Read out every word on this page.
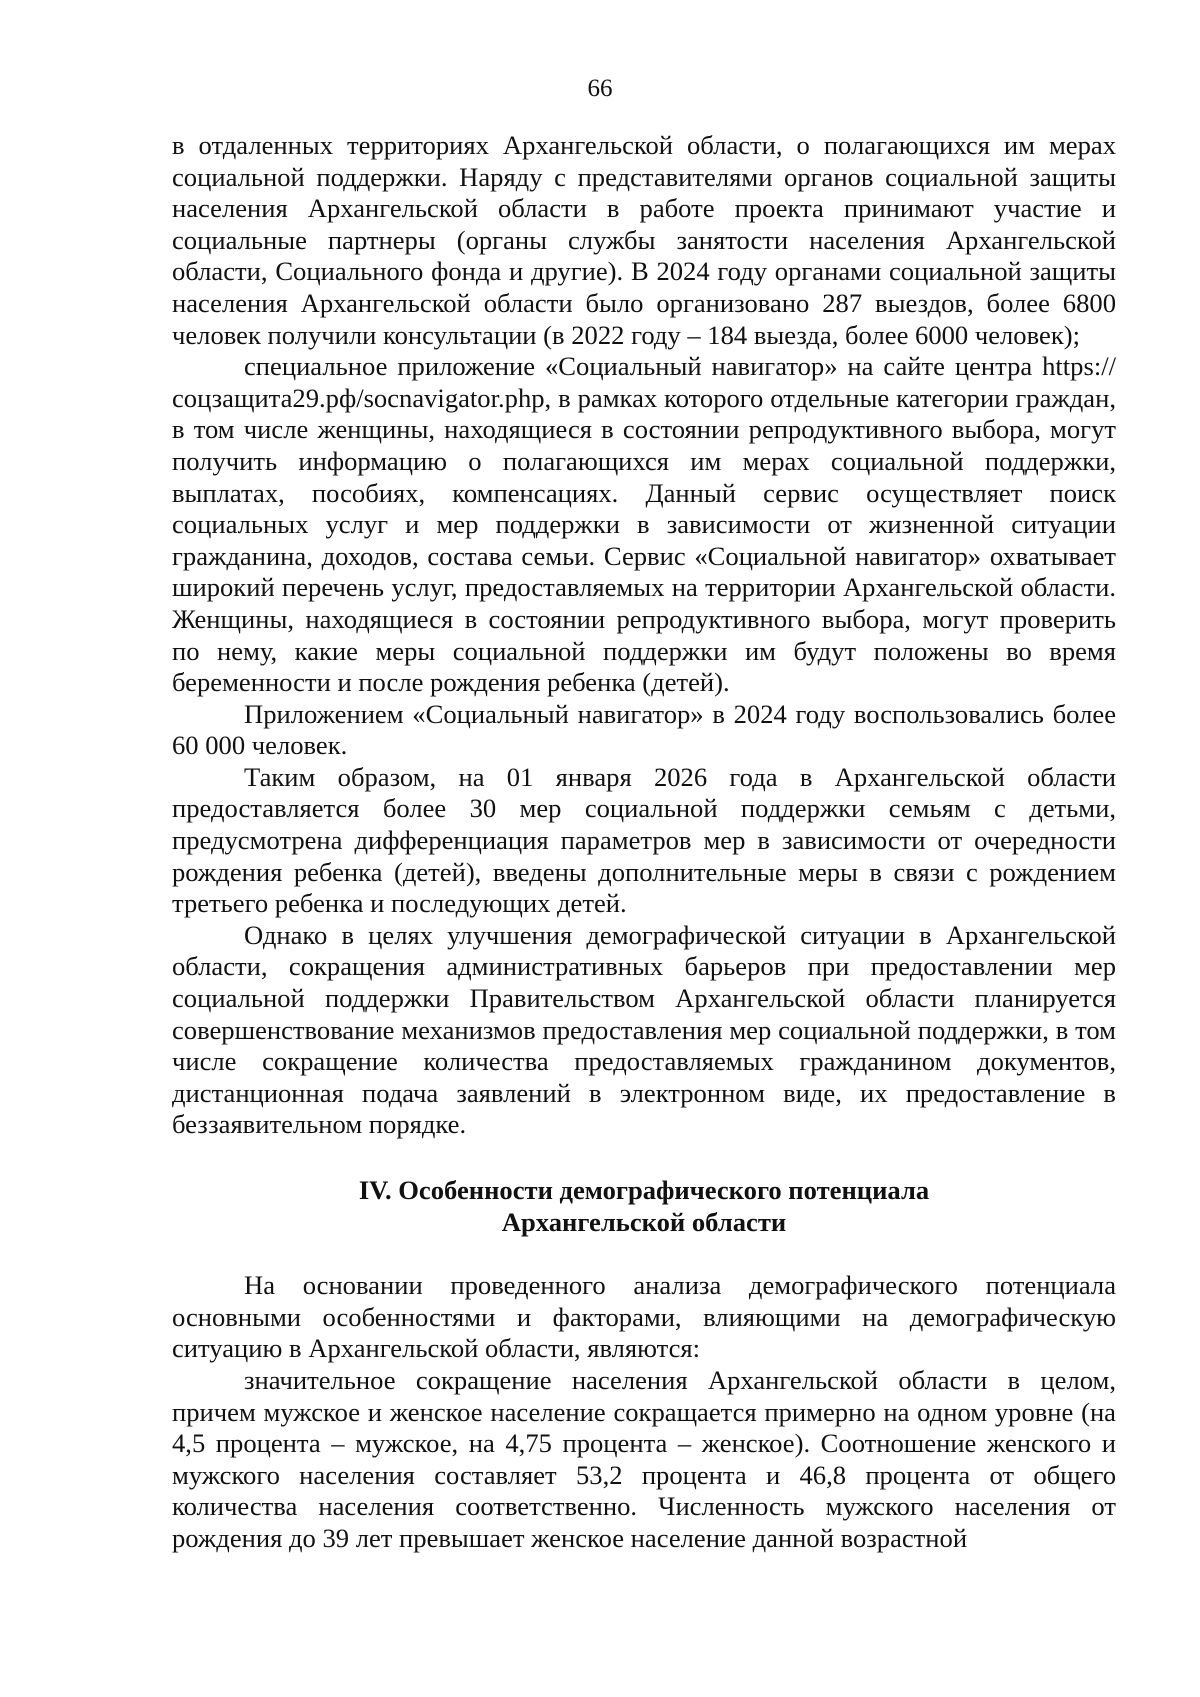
66

в отдаленных территориях Архангельской области, о полагающихся им мерах социальной поддержки. Наряду с представителями органов социальной защиты населения Архангельской области в работе проекта принимают участие и социальные партнеры (органы службы занятости населения Архангельской области, Социального фонда и другие). В 2024 году органами социальной защиты населения Архангельской области было организовано 287 выездов, более 6800 человек получили консультации (в 2022 году – 184 выезда, более 6000 человек);

специальное приложение «Социальный навигатор» на сайте центра https://соцзащита29.рф/socnavigator.php, в рамках которого отдельные категории граждан, в том числе женщины, находящиеся в состоянии репродуктивного выбора, могут получить информацию о полагающихся им мерах социальной поддержки, выплатах, пособиях, компенсациях. Данный сервис осуществляет поиск социальных услуг и мер поддержки в зависимости от жизненной ситуации гражданина, доходов, состава семьи. Сервис «Социальной навигатор» охватывает широкий перечень услуг, предоставляемых на территории Архангельской области. Женщины, находящиеся в состоянии репродуктивного выбора, могут проверить по нему, какие меры социальной поддержки им будут положены во время беременности и после рождения ребенка (детей).

Приложением «Социальный навигатор» в 2024 году воспользовались более 60 000 человек.

Таким образом, на 01 января 2026 года в Архангельской области предоставляется более 30 мер социальной поддержки семьям с детьми, предусмотрена дифференциация параметров мер в зависимости от очередности рождения ребенка (детей), введены дополнительные меры в связи с рождением третьего ребенка и последующих детей.

Однако в целях улучшения демографической ситуации в Архангельской области, сокращения административных барьеров при предоставлении мер социальной поддержки Правительством Архангельской области планируется совершенствование механизмов предоставления мер социальной поддержки, в том числе сокращение количества предоставляемых гражданином документов, дистанционная подача заявлений в электронном виде, их предоставление в беззаявительном порядке.

IV. Особенности демографического потенциала
Архангельской области

На основании проведенного анализа демографического потенциала основными особенностями и факторами, влияющими на демографическую ситуацию в Архангельской области, являются:

значительное сокращение населения Архангельской области в целом, причем мужское и женское население сокращается примерно на одном уровне (на 4,5 процента – мужское, на 4,75 процента – женское). Соотношение женского и мужского населения составляет 53,2 процента и 46,8 процента от общего количества населения соответственно. Численность мужского населения от рождения до 39 лет превышает женское население данной возрастной
